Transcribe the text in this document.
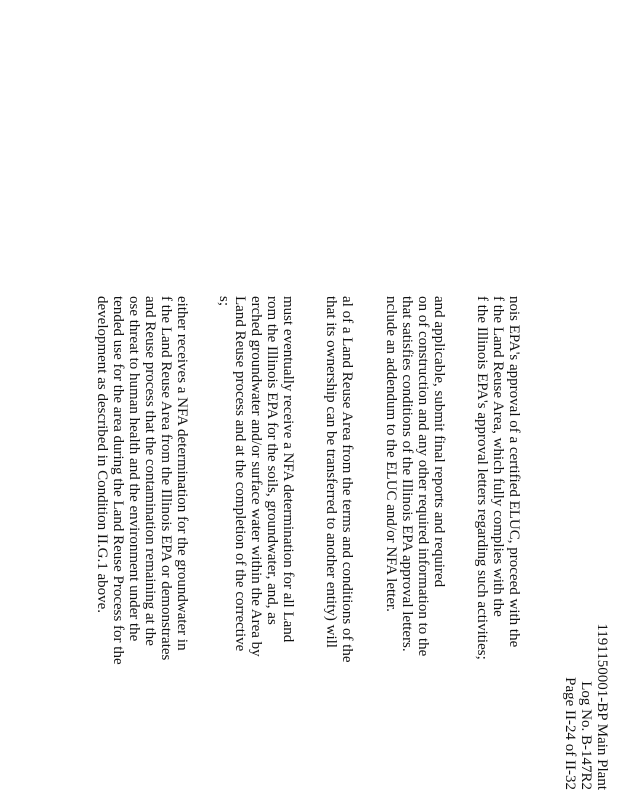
1191150001-BP Main Plant
Log No. B-147R2
Page II-24 of II-32
nois EPA's approval of a certified ELUC, proceed with the
f the Land Reuse Area, which fully complies with the
f the Illinois EPA's approval letters regarding such activities;
and applicable, submit final reports and required
on of construction and any other required information to the
that satisfies conditions of the Illinois EPA approval letters.
nclude an addendum to the ELUC and/or NFA letter.
al of a Land Reuse Area from the terms and conditions of the
that its ownership can be transferred to another entity) will
must eventually receive a NFA determination for all Land
rom the Illinois EPA for the soils, groundwater, and, as
erched groundwater and/or surface water within the Area by
Land Reuse process and at the completion of the corrective
s;
either receives a NFA determination for the groundwater in
f the Land Reuse Area from the Illinois EPA or demonstrates
and Reuse process that the contamination remaining at the
ose threat to human health and the environment under the
tended use for the area during the Land Reuse Process for the
development as described in Condition II.G.1 above.
